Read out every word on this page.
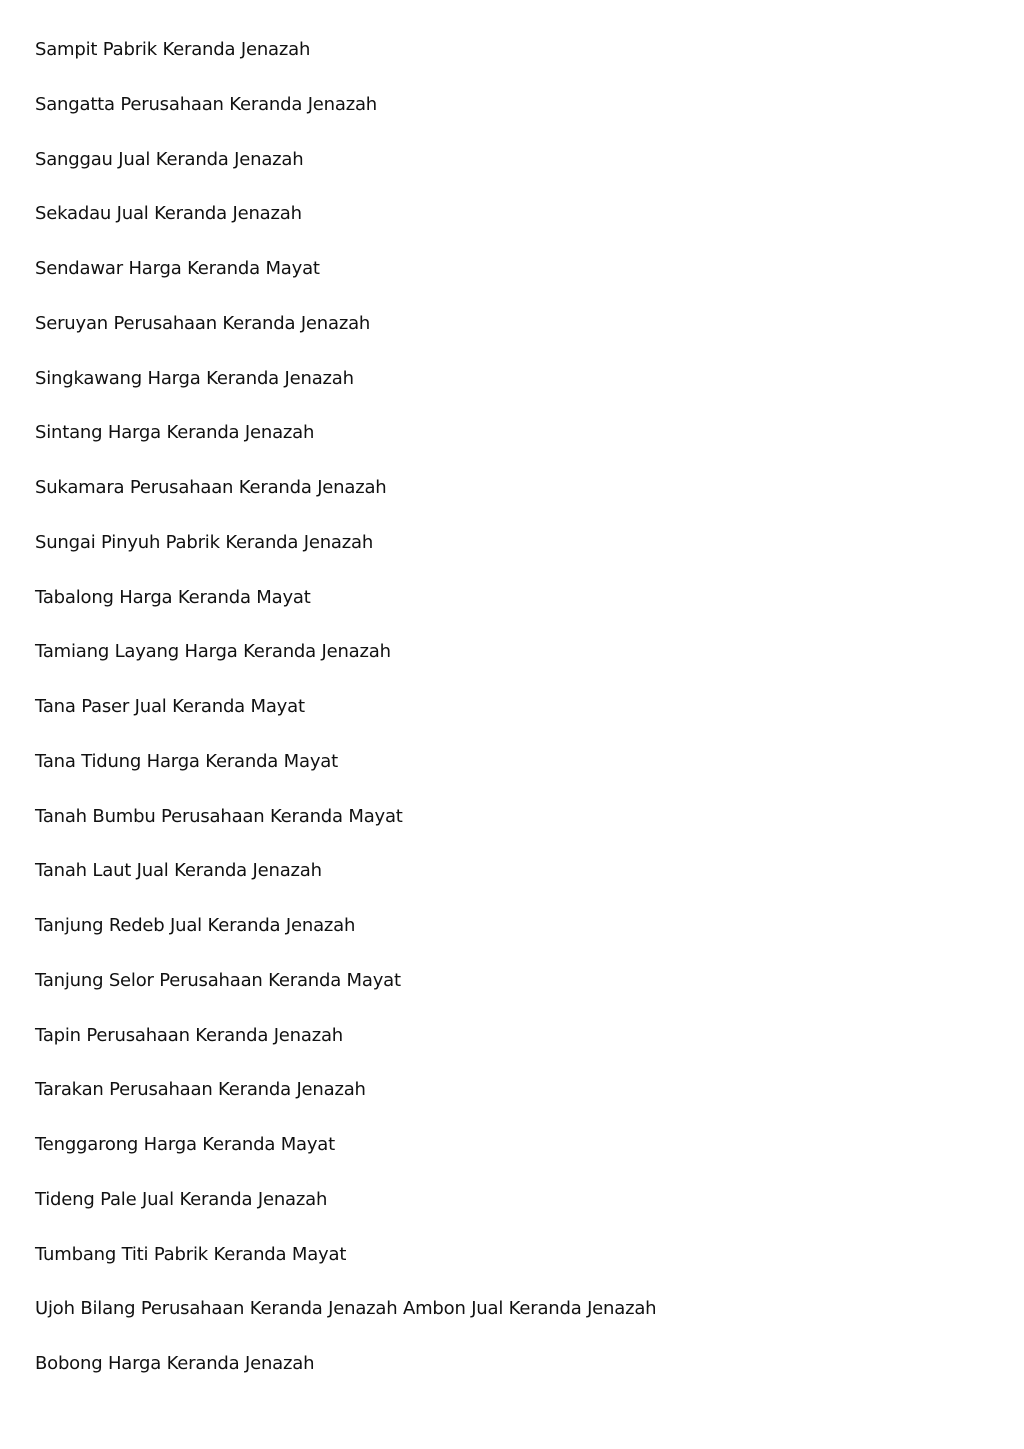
Sampit Pabrik Keranda Jenazah
Sangatta Perusahaan Keranda Jenazah
Sanggau Jual Keranda Jenazah
Sekadau Jual Keranda Jenazah
Sendawar Harga Keranda Mayat
Seruyan Perusahaan Keranda Jenazah
Singkawang Harga Keranda Jenazah
Sintang Harga Keranda Jenazah
Sukamara Perusahaan Keranda Jenazah
Sungai Pinyuh Pabrik Keranda Jenazah
Tabalong Harga Keranda Mayat
Tamiang Layang Harga Keranda Jenazah
Tana Paser Jual Keranda Mayat
Tana Tidung Harga Keranda Mayat
Tanah Bumbu Perusahaan Keranda Mayat
Tanah Laut Jual Keranda Jenazah
Tanjung Redeb Jual Keranda Jenazah
Tanjung Selor Perusahaan Keranda Mayat
Tapin Perusahaan Keranda Jenazah
Tarakan Perusahaan Keranda Jenazah
Tenggarong Harga Keranda Mayat
Tideng Pale Jual Keranda Jenazah
Tumbang Titi Pabrik Keranda Mayat
Ujoh Bilang Perusahaan Keranda Jenazah Ambon Jual Keranda Jenazah
Bobong Harga Keranda Jenazah
